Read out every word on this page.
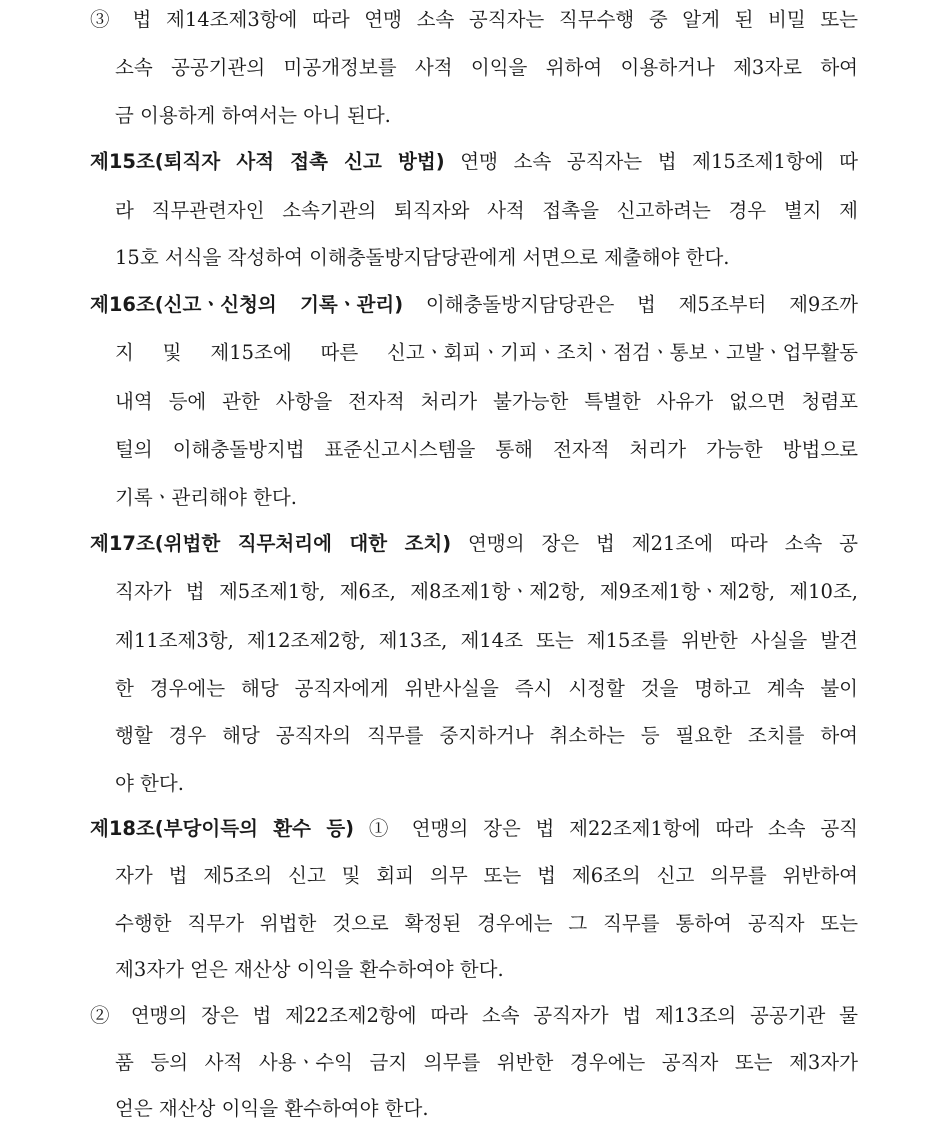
③ 법 제14조제3항에 따라 연맹 소속 공직자는 직무수행 중 알게 된 비밀 또는
소속 공공기관의 미공개정보를 사적 이익을 위하여 이용하거나 제3자로 하여
금 이용하게 하여서는 아니 된다.
제15조(퇴직자 사적 접촉 신고 방법) 연맹 소속 공직자는 법 제15조제1항에 따
라 직무관련자인 소속기관의 퇴직자와 사적 접촉을 신고하려는 경우 별지 제
15호 서식을 작성하여 이해충돌방지담당관에게 서면으로 제출해야 한다.
제16조(신고ㆍ신청의 기록ㆍ관리) 이해충돌방지담당관은 법 제5조부터 제9조까
지 및 제15조에 따른 신고ㆍ회피ㆍ기피ㆍ조치ㆍ점검ㆍ통보ㆍ고발ㆍ업무활동
내역 등에 관한 사항을 전자적 처리가 불가능한 특별한 사유가 없으면 청렴포
털의 이해충돌방지법 표준신고시스템을 통해 전자적 처리가 가능한 방법으로
기록ㆍ관리해야 한다.
제17조(위법한 직무처리에 대한 조치) 연맹의 장은 법 제21조에 따라 소속 공
직자가 법 제5조제1항, 제6조, 제8조제1항ㆍ제2항, 제9조제1항ㆍ제2항, 제10조,
제11조제3항, 제12조제2항, 제13조, 제14조 또는 제15조를 위반한 사실을 발견
한 경우에는 해당 공직자에게 위반사실을 즉시 시정할 것을 명하고 계속 불이
행할 경우 해당 공직자의 직무를 중지하거나 취소하는 등 필요한 조치를 하여
야 한다.
제18조(부당이득의 환수 등) ① 연맹의 장은 법 제22조제1항에 따라 소속 공직
자가 법 제5조의 신고 및 회피 의무 또는 법 제6조의 신고 의무를 위반하여
수행한 직무가 위법한 것으로 확정된 경우에는 그 직무를 통하여 공직자 또는
제3자가 얻은 재산상 이익을 환수하여야 한다.
② 연맹의 장은 법 제22조제2항에 따라 소속 공직자가 법 제13조의 공공기관 물
품 등의 사적 사용ㆍ수익 금지 의무를 위반한 경우에는 공직자 또는 제3자가
얻은 재산상 이익을 환수하여야 한다.
